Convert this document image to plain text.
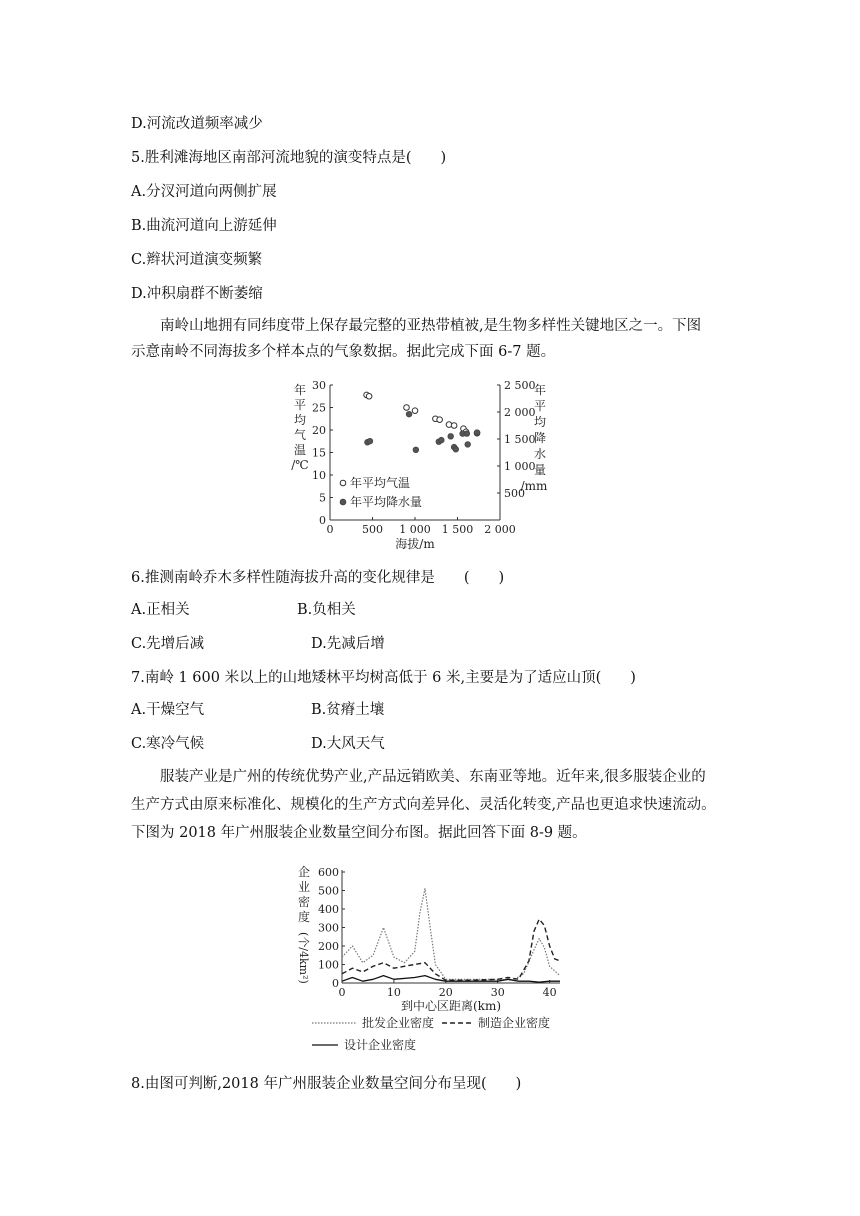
D.河流改道频率减少
5.胜利滩海地区南部河流地貌的演变特点是(　　)
A.分汊河道向两侧扩展
B.曲流河道向上游延伸
C.辫状河道演变频繁
D.冲积扇群不断萎缩
南岭山地拥有同纬度带上保存最完整的亚热带植被,是生物多样性关键地区之一。下图
示意南岭不同海拔多个样本点的气象数据。据此完成下面 6-7 题。
0
5
10
15
20
25
30
500
1 000
1 500
2 000
2 500
0	500 1 000 1 500 2 000
海拔/m
年
平
均
气
温
/℃
年
平
均
降
水
量
/mm
年平均气温
年平均降水量
6.推测南岭乔木多样性随海拔升高的变化规律是　　(　　)
A.正相关	B.负相关
C.先增后减	D.先减后增
7.南岭 1 600 米以上的山地矮林平均树高低于 6 米,主要是为了适应山顶(　　)
A.干燥空气	B.贫瘠土壤
C.寒冷气候	D.大风天气
服装产业是广州的传统优势产业,产品远销欧美、东南亚等地。近年来,很多服装企业的
生产方式由原来标准化、规模化的生产方式向差异化、灵活化转变,产品也更追求快速流动。
下图为 2018 年广州服装企业数量空间分布图。据此回答下面 8-9 题。
0
100
200
300
400
500
600
0	10	20	30	40
到中心区距离(km)
企
业
密
度
(个/4km²)
批发企业密度	制造企业密度
设计企业密度
8.由图可判断,2018 年广州服装企业数量空间分布呈现(　　)
